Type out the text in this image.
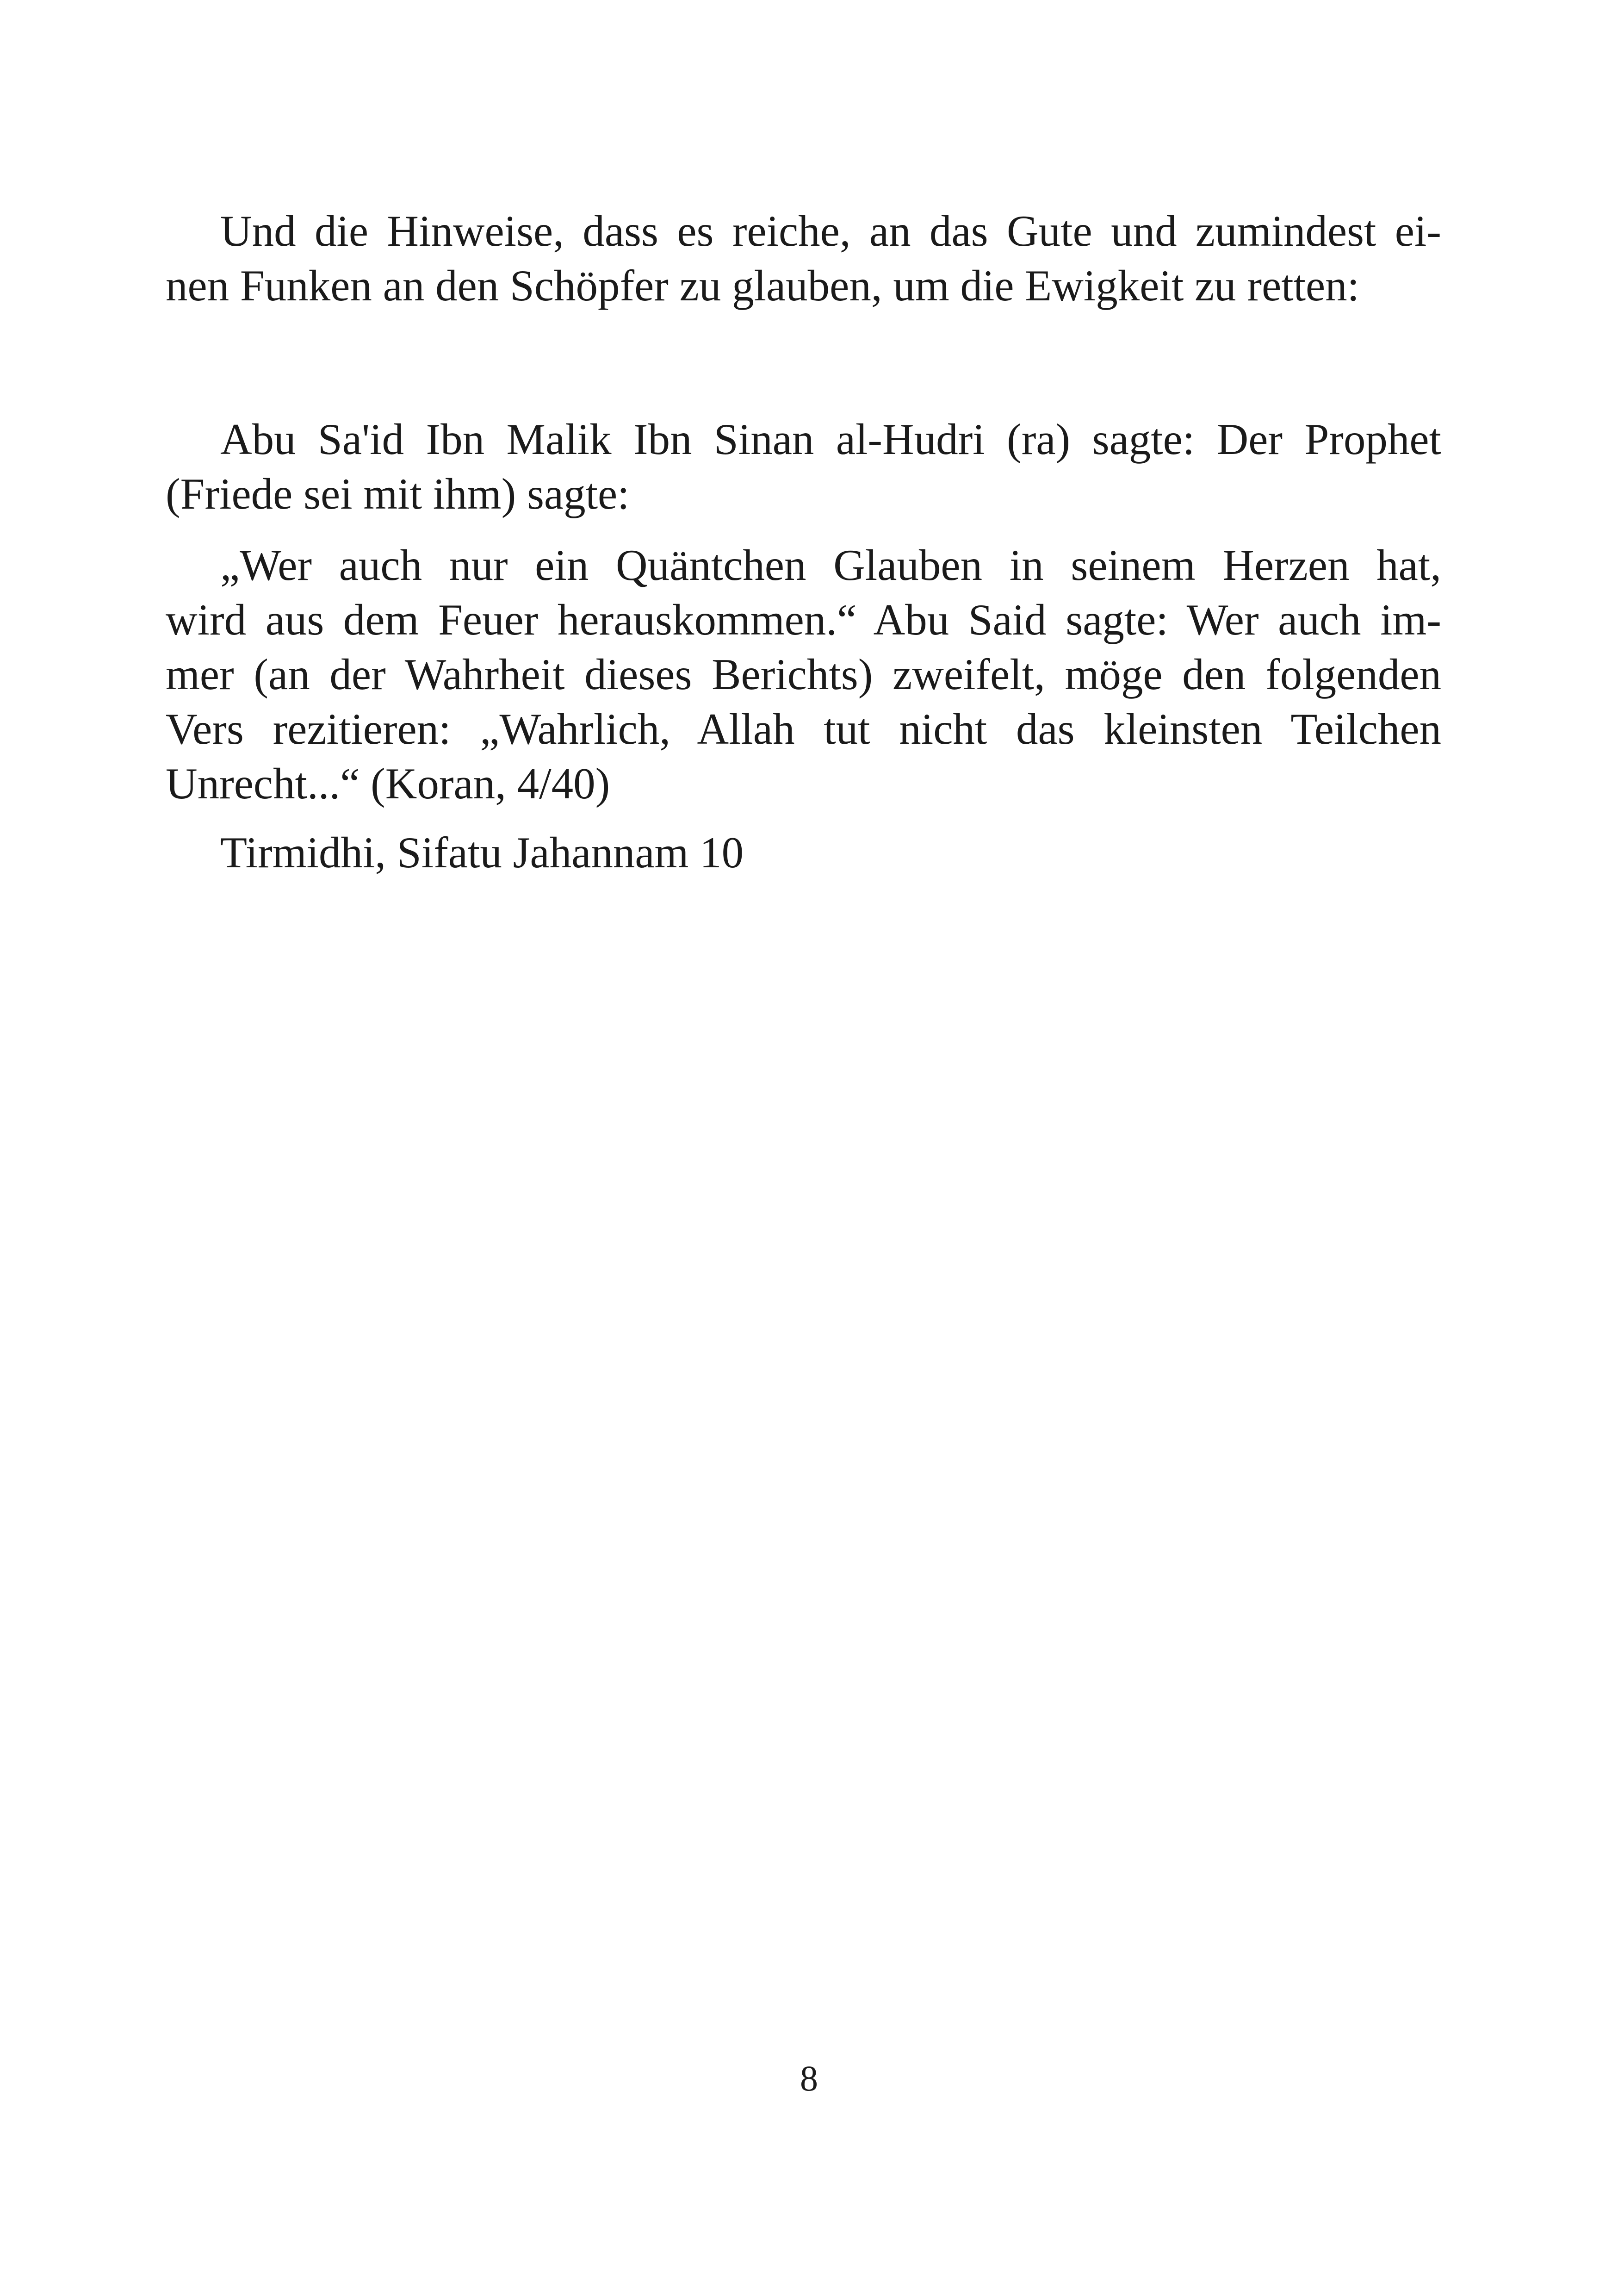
Und die Hinweise, dass es reiche, an das Gute und zumindest ei-
nen Funken an den Schöpfer zu glauben, um die Ewigkeit zu retten:
Abu Sa'id Ibn Malik Ibn Sinan al-Hudri (ra) sagte: Der Prophet
(Friede sei mit ihm) sagte:
„Wer auch nur ein Quäntchen Glauben in seinem Herzen hat,
wird aus dem Feuer herauskommen.“ Abu Said sagte: Wer auch im-
mer (an der Wahrheit dieses Berichts) zweifelt, möge den folgenden
Vers rezitieren: „Wahrlich, Allah tut nicht das kleinsten Teilchen
Unrecht...“ (Koran, 4/40)
Tirmidhi, Sifatu Jahannam 10
8
